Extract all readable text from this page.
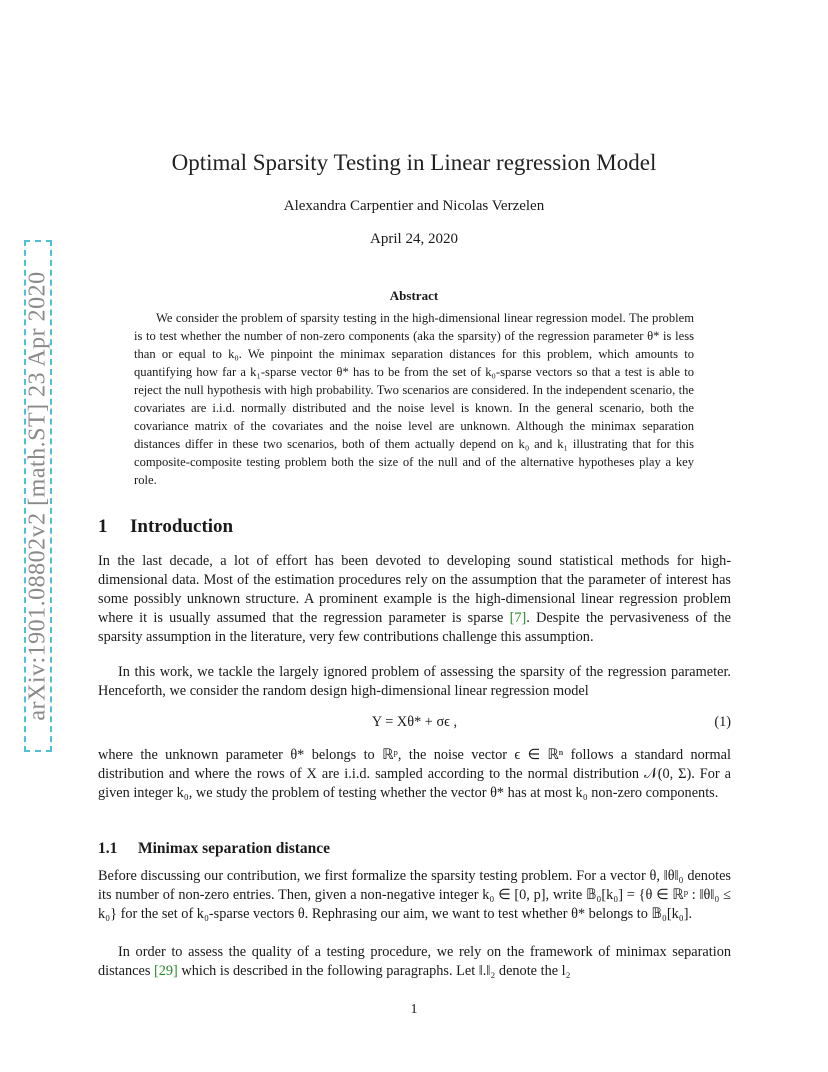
arXiv:1901.08802v2 [math.ST] 23 Apr 2020
Optimal Sparsity Testing in Linear regression Model
Alexandra Carpentier and Nicolas Verzelen
April 24, 2020
Abstract

We consider the problem of sparsity testing in the high-dimensional linear regression model. The problem is to test whether the number of non-zero components (aka the sparsity) of the regression parameter θ* is less than or equal to k₀. We pinpoint the minimax separation distances for this problem, which amounts to quantifying how far a k₁-sparse vector θ* has to be from the set of k₀-sparse vectors so that a test is able to reject the null hypothesis with high probability. Two scenarios are considered. In the independent scenario, the covariates are i.i.d. normally distributed and the noise level is known. In the general scenario, both the covariance matrix of the covariates and the noise level are unknown. Although the minimax separation distances differ in these two scenarios, both of them actually depend on k₀ and k₁ illustrating that for this composite-composite testing problem both the size of the null and of the alternative hypotheses play a key role.

1 Introduction

In the last decade, a lot of effort has been devoted to developing sound statistical methods for high-dimensional data. Most of the estimation procedures rely on the assumption that the parameter of interest has some possibly unknown structure. A prominent example is the high-dimensional linear regression problem where it is usually assumed that the regression parameter is sparse [7]. Despite the pervasiveness of the sparsity assumption in the literature, very few contributions challenge this assumption.

In this work, we tackle the largely ignored problem of assessing the sparsity of the regression parameter. Henceforth, we consider the random design high-dimensional linear regression model

Y = Xθ* + σϵ ,	(1)

where the unknown parameter θ* belongs to ℝᵖ, the noise vector ϵ ∈ ℝⁿ follows a standard normal distribution and where the rows of X are i.i.d. sampled according to the normal distribution 𝒩(0, Σ). For a given integer k₀, we study the problem of testing whether the vector θ* has at most k₀ non-zero components.

1.1 Minimax separation distance

Before discussing our contribution, we first formalize the sparsity testing problem. For a vector θ, ‖θ‖₀ denotes its number of non-zero entries. Then, given a non-negative integer k₀ ∈ [0, p], write 𝔹₀[k₀] = {θ ∈ ℝᵖ : ‖θ‖₀ ≤ k₀} for the set of k₀-sparse vectors θ. Rephrasing our aim, we want to test whether θ* belongs to 𝔹₀[k₀].

In order to assess the quality of a testing procedure, we rely on the framework of minimax separation distances [29] which is described in the following paragraphs. Let ‖.‖₂ denote the l₂

1
